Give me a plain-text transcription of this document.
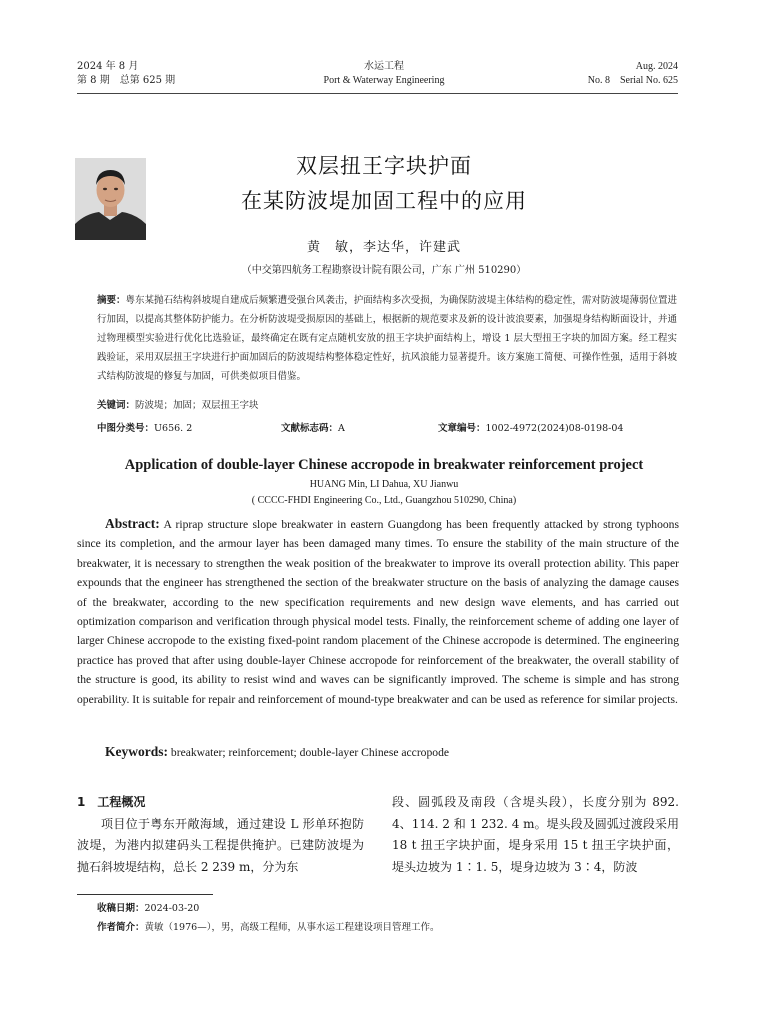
2024 年 8 月
第 8 期　总第 625 期
水运工程
Port & Waterway Engineering
Aug. 2024
No. 8　Serial No. 625
双层扭王字块护面
在某防波堤加固工程中的应用
黄　敏，李达华，许建武
（中交第四航务工程勘察设计院有限公司，广东 广州 510290）
摘要：粤东某抛石结构斜坡堤自建成后频繁遭受强台风袭击，护面结构多次受损，为确保防波堤主体结构的稳定性，需对防波堤薄弱位置进行加固，以提高其整体防护能力。在分析防波堤受损原因的基础上，根据新的规范要求及新的设计波浪要素，加强堤身结构断面设计，并通过物理模型实验进行优化比选验证，最终确定在既有定点随机安放的扭王字块护面结构上，增设 1 层大型扭王字块的加固方案。经工程实践验证，采用双层扭王字块进行护面加固后的防波堤结构整体稳定性好，抗风浪能力显著提升。该方案施工简便、可操作性强，适用于斜坡式结构防波堤的修复与加固，可供类似项目借鉴。
关键词：防波堤；加固；双层扭王字块
中图分类号：U656. 2	文献标志码：A	文章编号：1002-4972(2024)08-0198-04
Application of double-layer Chinese accropode in breakwater reinforcement project
HUANG Min, LI Dahua, XU Jianwu
( CCCC-FHDI Engineering Co., Ltd., Guangzhou 510290, China)
Abstract: A riprap structure slope breakwater in eastern Guangdong has been frequently attacked by strong typhoons since its completion, and the armour layer has been damaged many times. To ensure the stability of the main structure of the breakwater, it is necessary to strengthen the weak position of the breakwater to improve its overall protection ability. This paper expounds that the engineer has strengthened the section of the breakwater structure on the basis of analyzing the damage causes of the breakwater, according to the new specification requirements and new design wave elements, and has carried out optimization comparison and verification through physical model tests. Finally, the reinforcement scheme of adding one layer of larger Chinese accropode to the existing fixed-point random placement of the Chinese accropode is determined. The engineering practice has proved that after using double-layer Chinese accropode for reinforcement of the breakwater, the overall stability of the structure is good, its ability to resist wind and waves can be significantly improved. The scheme is simple and has strong operability. It is suitable for repair and reinforcement of mound-type breakwater and can be used as reference for similar projects.
Keywords: breakwater; reinforcement; double-layer Chinese accropode
1　工程概况
项目位于粤东开敞海域，通过建设 L 形单环抱防波堤，为港内拟建码头工程提供掩护。已建防波堤为抛石斜坡堤结构，总长 2 239 m，分为东
段、圆弧段及南段（含堤头段），长度分别为 892. 4、114. 2 和 1 232. 4 m。堤头段及圆弧过渡段采用 18 t 扭王字块护面，堤身采用 15 t 扭王字块护面，堤头边坡为 1∶1. 5，堤身边坡为 3∶4，防波
收稿日期：2024-03-20
作者简介：黄敏（1976—），男，高级工程师，从事水运工程建设项目管理工作。
